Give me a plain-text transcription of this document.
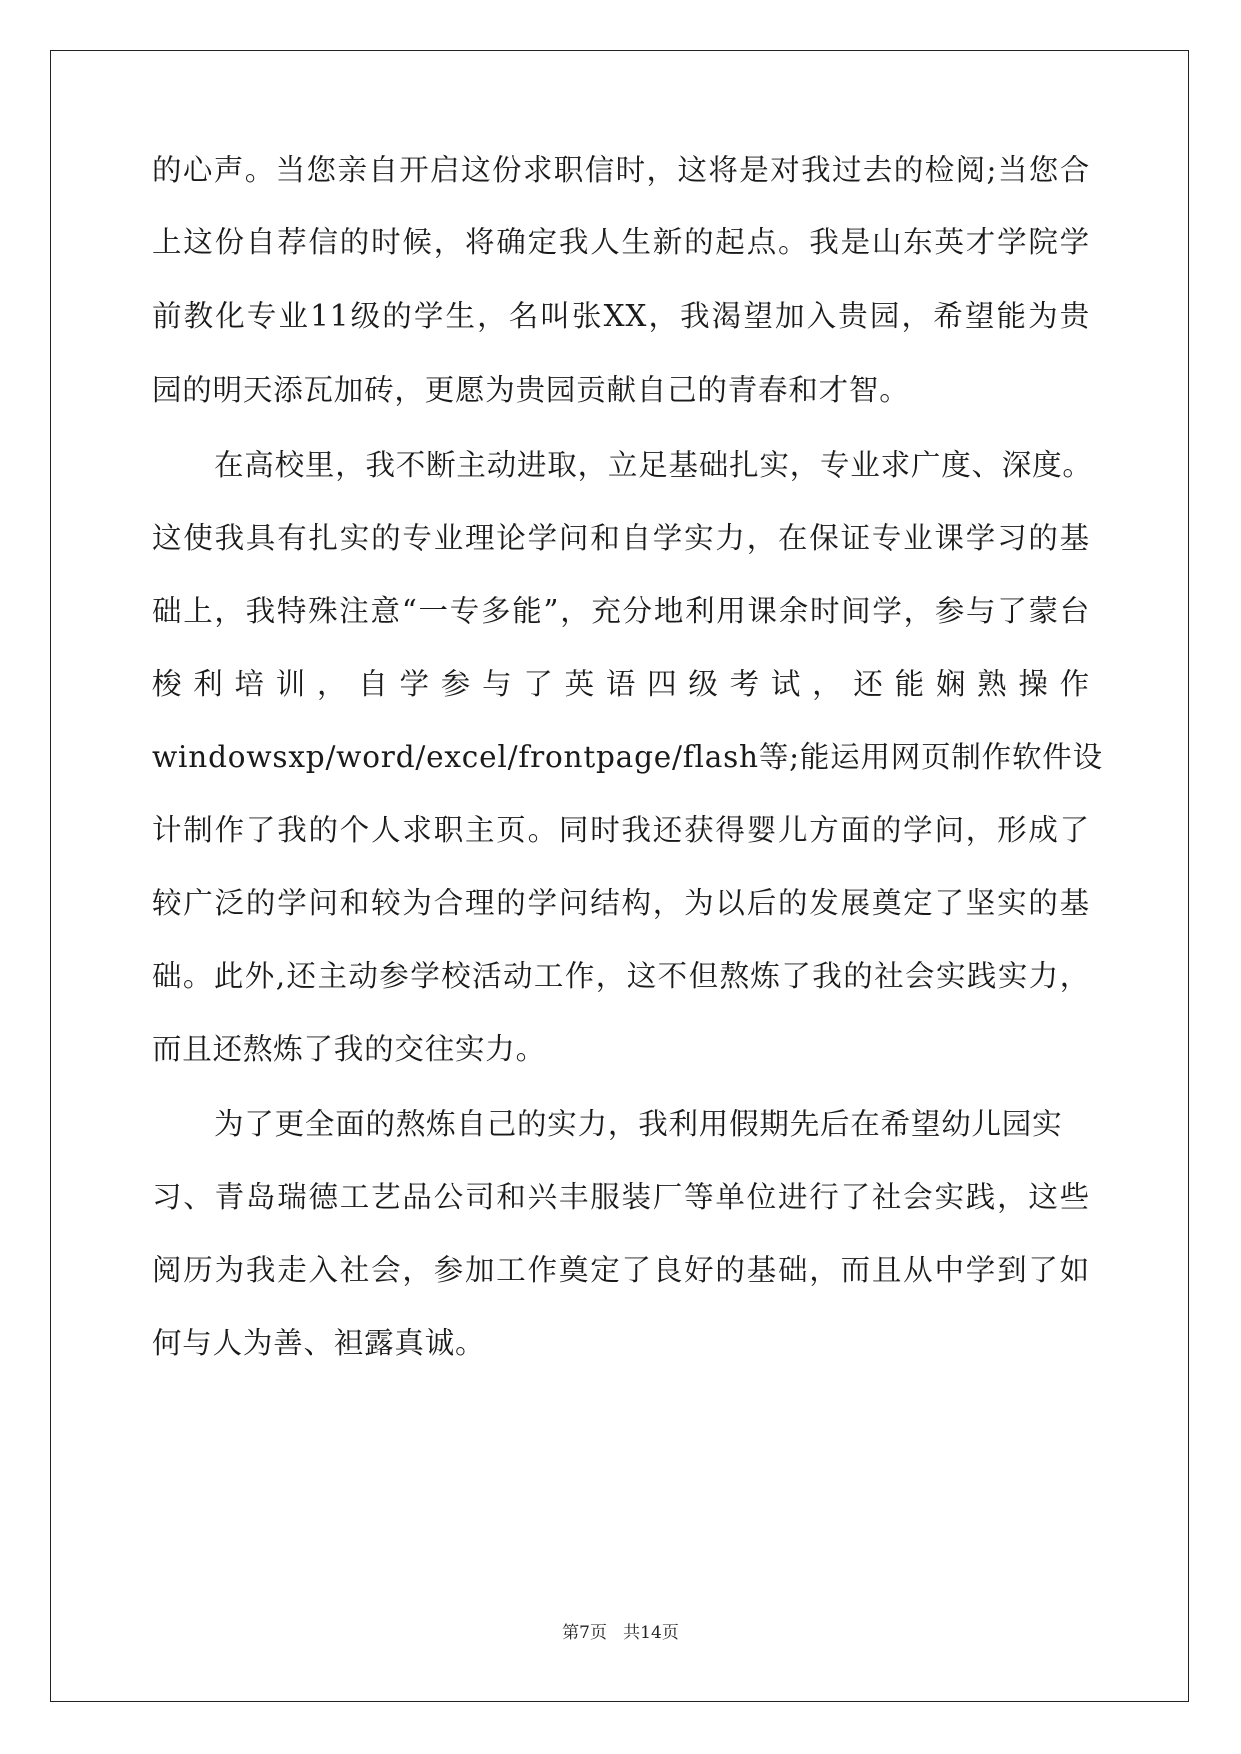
的心声。当您亲自开启这份求职信时，这将是对我过去的检阅;当您合
上这份自荐信的时候，将确定我人生新的起点。我是山东英才学院学
前教化专业11级的学生，名叫张XX，我渴望加入贵园，希望能为贵
园的明天添瓦加砖，更愿为贵园贡献自己的青春和才智。
在高校里，我不断主动进取，立足基础扎实，专业求广度、深度。
这使我具有扎实的专业理论学问和自学实力，在保证专业课学习的基
础上，我特殊注意“一专多能”，充分地利用课余时间学，参与了蒙台
梭 利 培 训 ， 自 学 参 与 了 英 语 四 级 考 试 ， 还 能 娴 熟 操 作
windowsxp/word/excel/frontpage/flash等;能运用网页制作软件设
计制作了我的个人求职主页。同时我还获得婴儿方面的学问，形成了
较广泛的学问和较为合理的学问结构，为以后的发展奠定了坚实的基
础。此外,还主动参学校活动工作，这不但熬炼了我的社会实践实力，
而且还熬炼了我的交往实力。
为了更全面的熬炼自己的实力，我利用假期先后在希望幼儿园实
习、青岛瑞德工艺品公司和兴丰服装厂等单位进行了社会实践，这些
阅历为我走入社会，参加工作奠定了良好的基础，而且从中学到了如
何与人为善、袒露真诚。
第7页   共14页
